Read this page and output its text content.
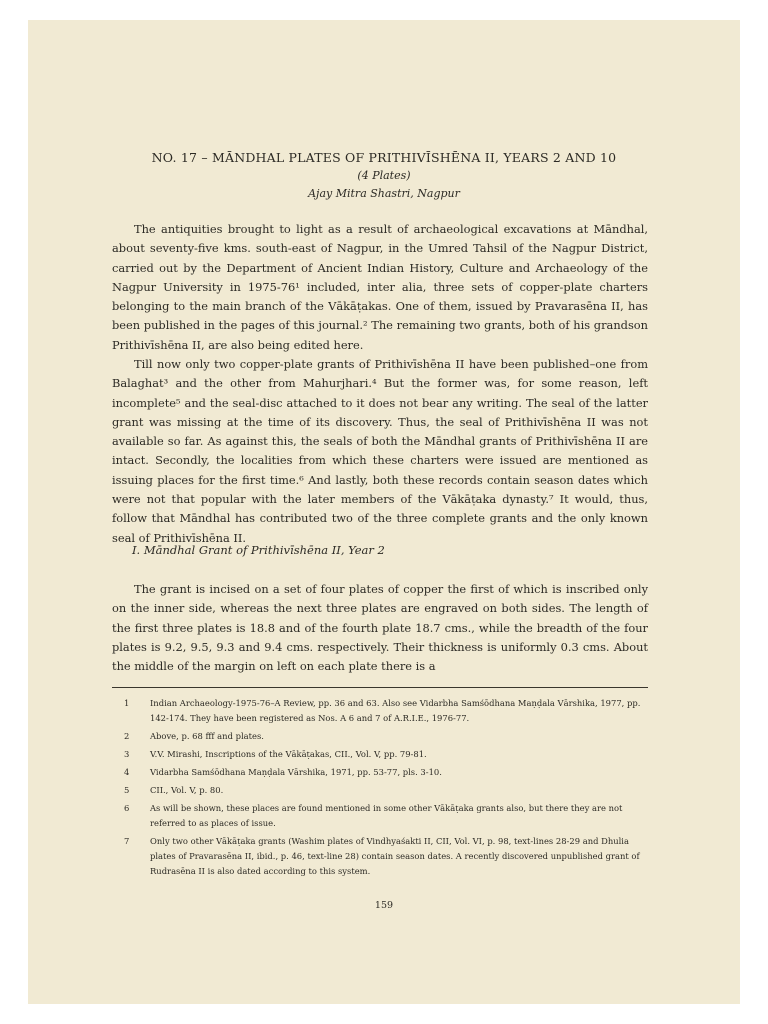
NO. 17 – MĀNDHAL PLATES OF PRITHIVĪSHĒNA II, YEARS 2 AND 10
(4 Plates)
Ajay Mitra Shastri, Nagpur

The antiquities brought to light as a result of archaeological excavations at Māndhal, about seventy-five kms. south-east of Nagpur, in the Umred Tahsil of the Nagpur District, carried out by the Department of Ancient Indian History, Culture and Archaeology of the Nagpur University in 1975-76¹ included, inter alia, three sets of copper-plate charters belonging to the main branch of the Vākāṭakas. One of them, issued by Pravarasēna II, has been published in the pages of this journal.² The remaining two grants, both of his grandson Prithivīshēna II, are also being edited here.

Till now only two copper-plate grants of Prithivīshēna II have been published–one from Balaghat³ and the other from Mahurjhari.⁴ But the former was, for some reason, left incomplete⁵ and the seal-disc attached to it does not bear any writing. The seal of the latter grant was missing at the time of its discovery. Thus, the seal of Prithivīshēna II was not available so far. As against this, the seals of both the Māndhal grants of Prithivīshēna II are intact. Secondly, the localities from which these charters were issued are mentioned as issuing places for the first time.⁶ And lastly, both these records contain season dates which were not that popular with the later members of the Vākāṭaka dynasty.⁷ It would, thus, follow that Māndhal has contributed two of the three complete grants and the only known seal of Prithivīshēna II.

I. Māndhal Grant of Prithivīshēna II, Year 2

The grant is incised on a set of four plates of copper the first of which is inscribed only on the inner side, whereas the next three plates are engraved on both sides. The length of the first three plates is 18.8 and of the fourth plate 18.7 cms., while the breadth of the four plates is 9.2, 9.5, 9.3 and 9.4 cms. respectively. Their thickness is uniformly 0.3 cms. About the middle of the margin on left on each plate there is a

1	Indian Archaeology-1975-76–A Review, pp. 36 and 63. Also see Vidarbha Samśōdhana Maṇḍala Vārshika, 1977, pp. 142-174. They have been registered as Nos. A 6 and 7 of A.R.I.E., 1976-77.
2	Above, p. 68 fff and plates.
3	V.V. Mirashi, Inscriptions of the Vākāṭakas, CII., Vol. V, pp. 79-81.
4	Vidarbha Samśōdhana Maṇḍala Vārshika, 1971, pp. 53-77, pls. 3-10.
5	CII., Vol. V, p. 80.
6	As will be shown, these places are found mentioned in some other Vākāṭaka grants also, but there they are not referred to as places of issue.
7	Only two other Vākāṭaka grants (Washim plates of Vindhyaśakti II, CII, Vol. VI, p. 98, text-lines 28-29 and Dhulia plates of Pravarasēna II, ibid., p. 46, text-line 28) contain season dates. A recently discovered unpublished grant of Rudrasēna II is also dated according to this system.
159
